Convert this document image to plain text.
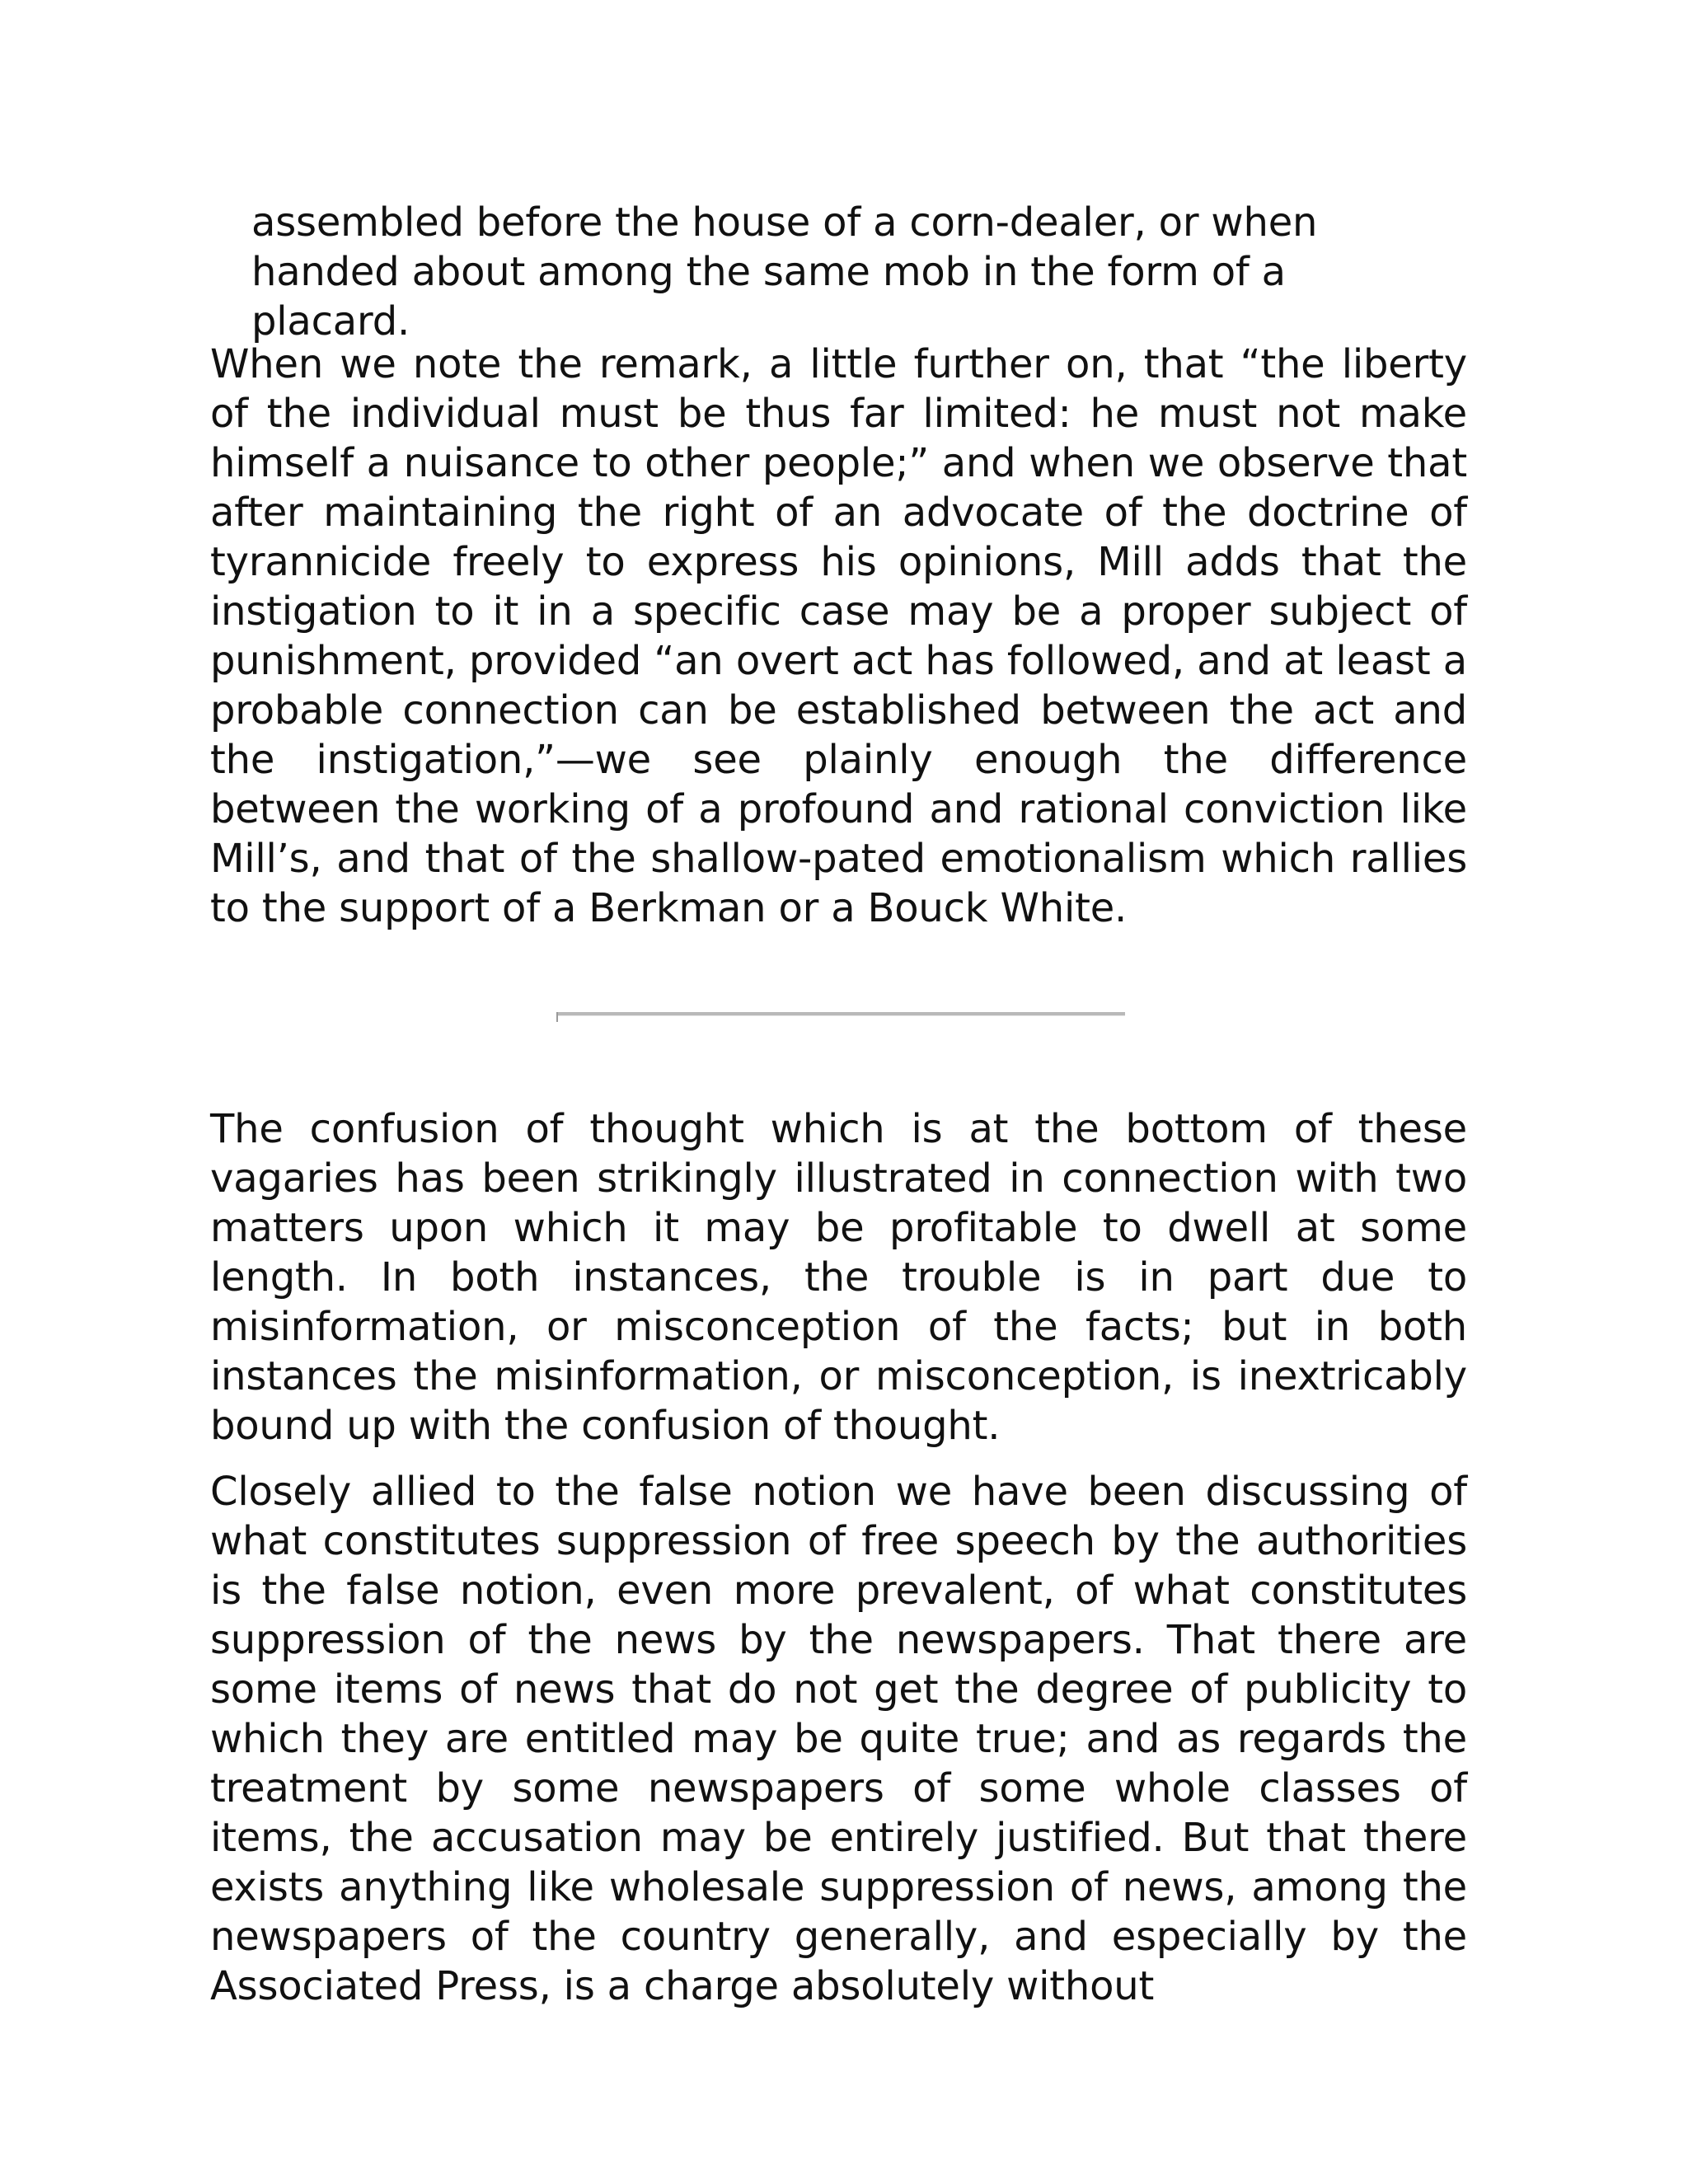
assembled before the house of a corn-dealer, or when handed about among the same mob in the form of a placard.

When we note the remark, a little further on, that “the liberty of the individual must be thus far limited: he must not make himself a nuisance to other people;” and when we observe that after maintaining the right of an advocate of the doctrine of tyrannicide freely to express his opinions, Mill adds that the instigation to it in a specific case may be a proper subject of punishment, provided “an overt act has followed, and at least a probable connection can be established between the act and the instigation,”—we see plainly enough the difference between the working of a profound and rational conviction like Mill’s, and that of the shallow-pated emotionalism which rallies to the support of a Berkman or a Bouck White.

The confusion of thought which is at the bottom of these vagaries has been strikingly illustrated in connection with two matters upon which it may be profitable to dwell at some length. In both instances, the trouble is in part due to misinformation, or misconception of the facts; but in both instances the misinformation, or misconception, is inextricably bound up with the confusion of thought.

Closely allied to the false notion we have been discussing of what constitutes suppression of free speech by the authorities is the false notion, even more prevalent, of what constitutes suppression of the news by the newspapers. That there are some items of news that do not get the degree of publicity to which they are entitled may be quite true; and as regards the treatment by some newspapers of some whole classes of items, the accusation may be entirely justified. But that there exists anything like wholesale suppression of news, among the newspapers of the country generally, and especially by the Associated Press, is a charge absolutely without
